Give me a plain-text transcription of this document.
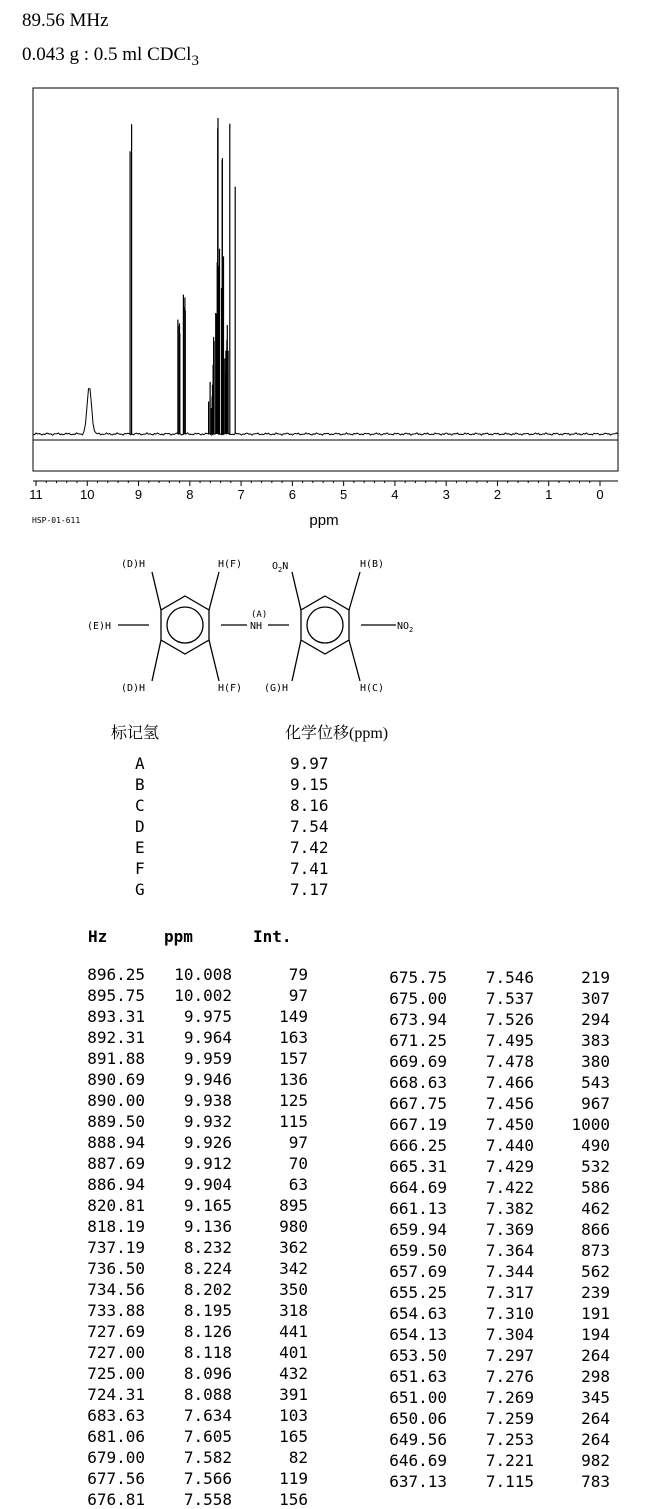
89.56 MHz
0.043 g : 0.5 ml CDCl$_3$
11	10	9	8	7	6	5	4	3	2	1	0
ppm
HSP-01-611
(D)H	H(F)	$O_2N$	H(B)
(E)H
(A)
NH	$NO_2$
(D)H	H(F) (G)H	H(C)
标记氢	化学位移(ppm)
A	9.97
B	9.15
C	8.16
D	7.54
E	7.42
F	7.41
G	7.17
Hz	ppm	Int.
896.25	10.008	79
895.75	10.002	97
893.31	9.975	149
892.31	9.964	163
891.88	9.959	157
890.69	9.946	136
890.00	9.938	125
889.50	9.932	115
888.94	9.926	97
887.69	9.912	70
886.94	9.904	63
820.81	9.165	895
818.19	9.136	980
737.19	8.232	362
736.50	8.224	342
734.56	8.202	350
733.88	8.195	318
727.69	8.126	441
727.00	8.118	401
725.00	8.096	432
724.31	8.088	391
683.63	7.634	103
681.06	7.605	165
679.00	7.582	82
677.56	7.566	119
676.81	7.558	156
675.75	7.546	219
675.00	7.537	307
673.94	7.526	294
671.25	7.495	383
669.69	7.478	380
668.63	7.466	543
667.75	7.456	967
667.19	7.450	1000
666.25	7.440	490
665.31	7.429	532
664.69	7.422	586
661.13	7.382	462
659.94	7.369	866
659.50	7.364	873
657.69	7.344	562
655.25	7.317	239
654.63	7.310	191
654.13	7.304	194
653.50	7.297	264
651.63	7.276	298
651.00	7.269	345
650.06	7.259	264
649.56	7.253	264
646.69	7.221	982
637.13	7.115	783
